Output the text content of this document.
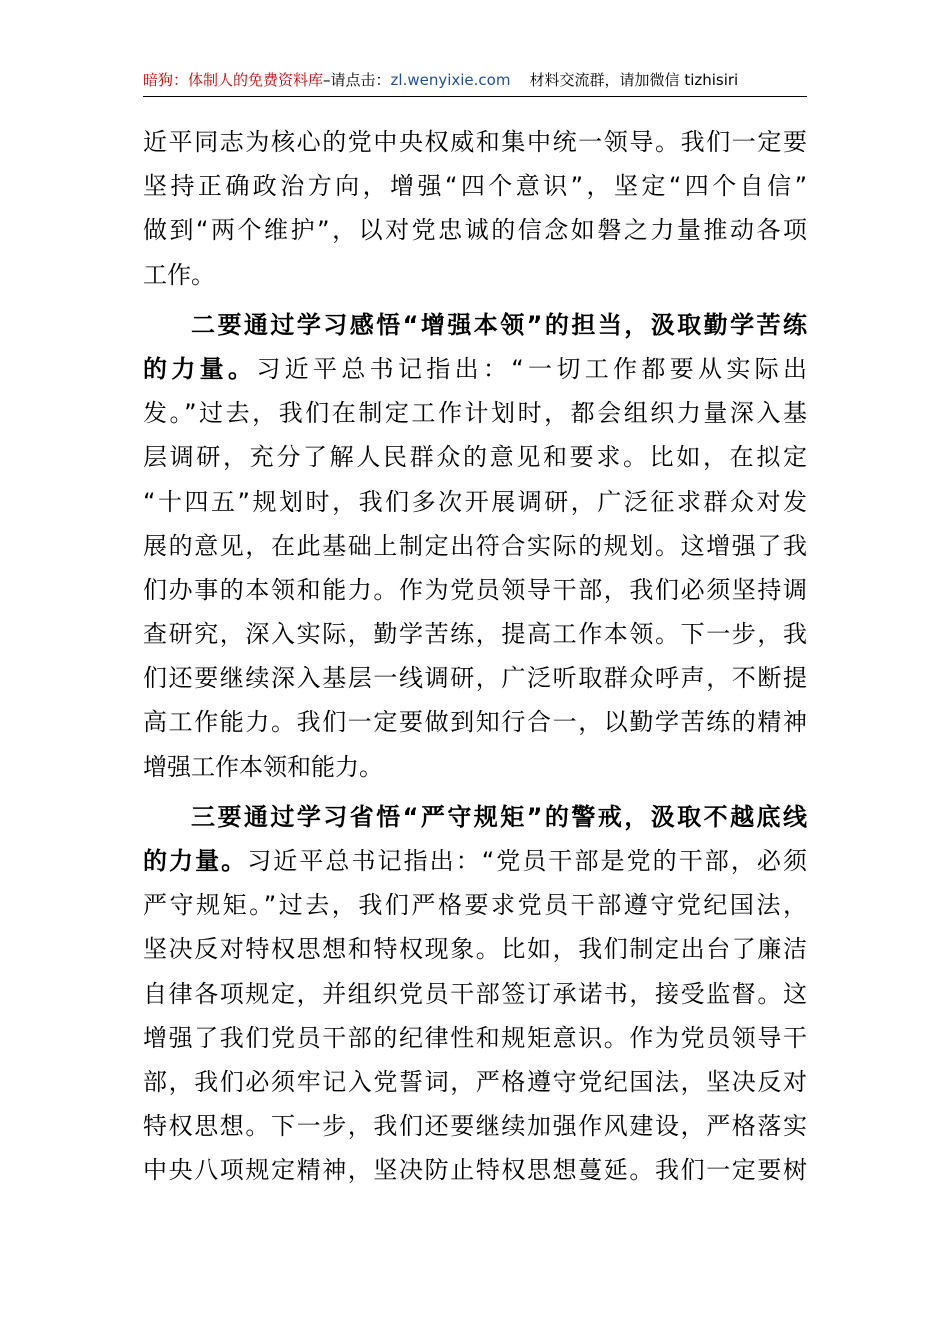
暗狗：体制人的免费资料库–请点击：zl.wenyixie.com 材料交流群，请加微信 tizhisiri
近平同志为核心的党中央权威和集中统一领导。我们一定要
坚持正确政治方向，增强“四个意识”，坚定“四个自信”
做到“两个维护”，以对党忠诚的信念如磐之力量推动各项
工作。
二要通过学习感悟“增强本领”的担当，汲取勤学苦练
的力量。习近平总书记指出：“一切工作都要从实际出
发。”过去，我们在制定工作计划时，都会组织力量深入基
层调研，充分了解人民群众的意见和要求。比如，在拟定
“十四五”规划时，我们多次开展调研，广泛征求群众对发
展的意见，在此基础上制定出符合实际的规划。这增强了我
们办事的本领和能力。作为党员领导干部，我们必须坚持调
查研究，深入实际，勤学苦练，提高工作本领。下一步，我
们还要继续深入基层一线调研，广泛听取群众呼声，不断提
高工作能力。我们一定要做到知行合一，以勤学苦练的精神
增强工作本领和能力。
三要通过学习省悟“严守规矩”的警戒，汲取不越底线
的力量。习近平总书记指出：“党员干部是党的干部，必须
严守规矩。”过去，我们严格要求党员干部遵守党纪国法，
坚决反对特权思想和特权现象。比如，我们制定出台了廉洁
自律各项规定，并组织党员干部签订承诺书，接受监督。这
增强了我们党员干部的纪律性和规矩意识。作为党员领导干
部，我们必须牢记入党誓词，严格遵守党纪国法，坚决反对
特权思想。下一步，我们还要继续加强作风建设，严格落实
中央八项规定精神，坚决防止特权思想蔓延。我们一定要树
